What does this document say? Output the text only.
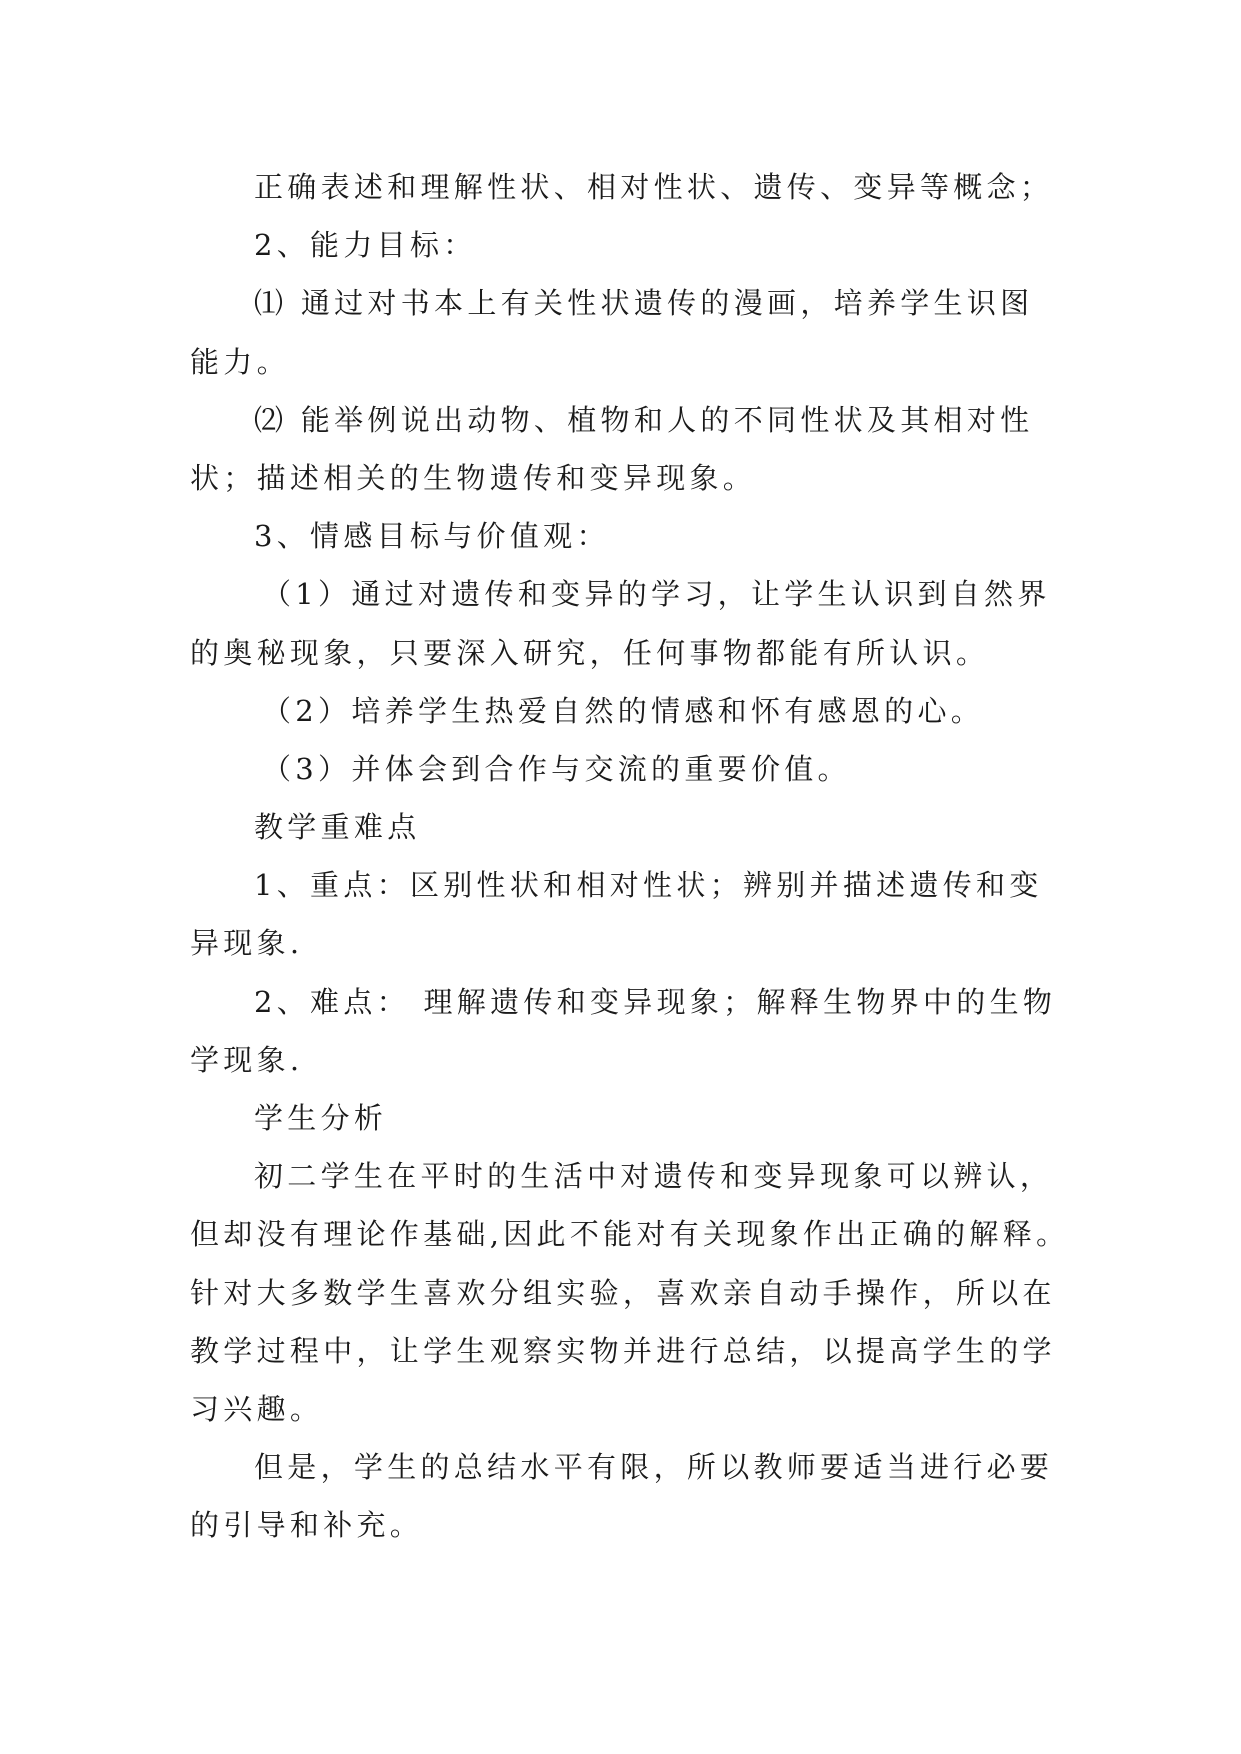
正确表述和理解性状、相对性状、遗传、变异等概念；
2、能力目标：
⑴ 通过对书本上有关性状遗传的漫画，培养学生识图
能力。
⑵ 能举例说出动物、植物和人的不同性状及其相对性
状；描述相关的生物遗传和变异现象。
3、情感目标与价值观：
（1）通过对遗传和变异的学习，让学生认识到自然界
的奥秘现象，只要深入研究，任何事物都能有所认识。
（2）培养学生热爱自然的情感和怀有感恩的心。
（3）并体会到合作与交流的重要价值。
教学重难点
1、重点：区别性状和相对性状；辨别并描述遗传和变
异现象.
2、难点： 理解遗传和变异现象；解释生物界中的生物
学现象.
学生分析
初二学生在平时的生活中对遗传和变异现象可以辨认，
但却没有理论作基础,因此不能对有关现象作出正确的解释。
针对大多数学生喜欢分组实验，喜欢亲自动手操作，所以在
教学过程中，让学生观察实物并进行总结，以提高学生的学
习兴趣。
但是，学生的总结水平有限，所以教师要适当进行必要
的引导和补充。
